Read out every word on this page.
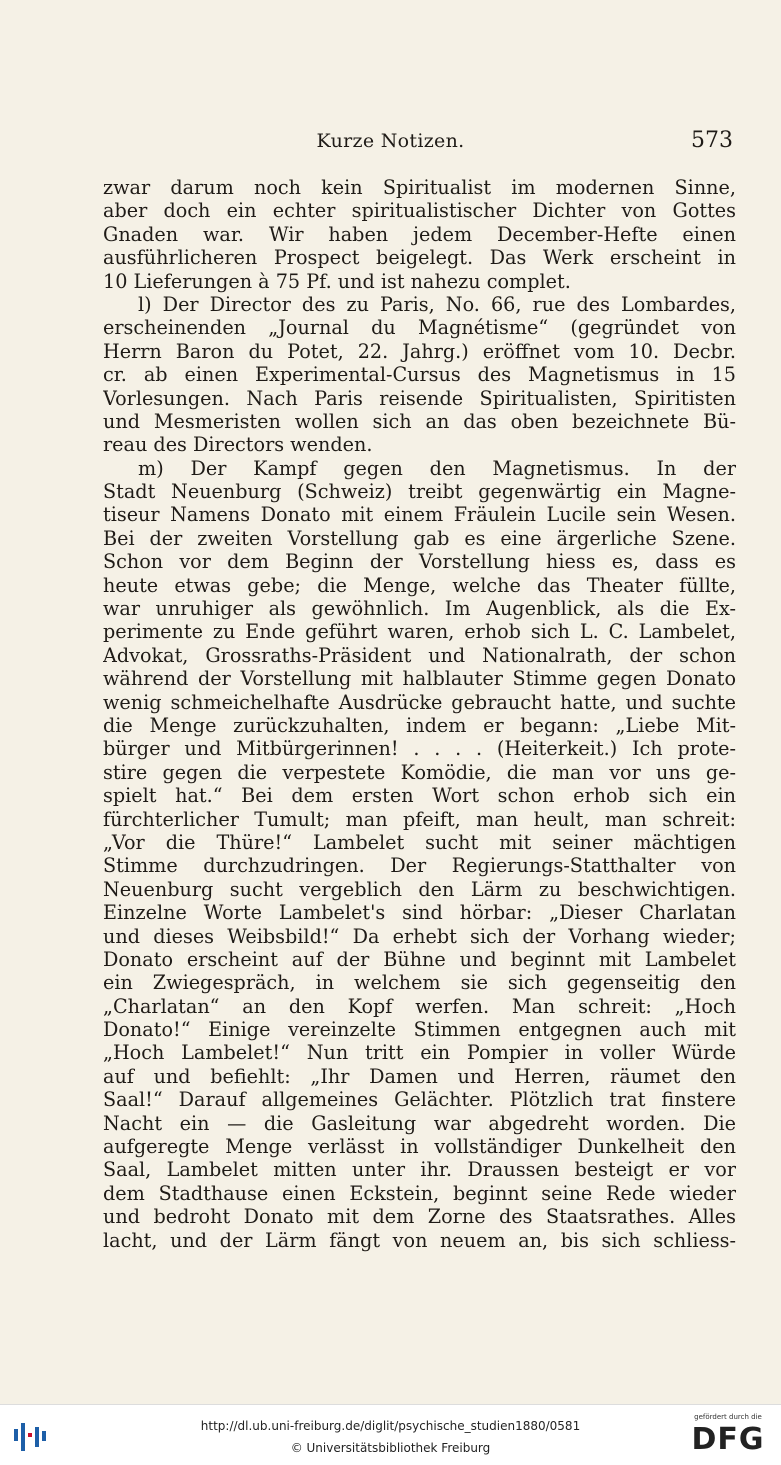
Kurze Notizen.	573
zwar darum noch kein Spiritualist im modernen Sinne,
aber doch ein echter spiritualistischer Dichter von Gottes
Gnaden war. Wir haben jedem December-Hefte einen
ausführlicheren Prospect beigelegt. Das Werk erscheint in
10 Lieferungen à 75 Pf. und ist nahezu complet.
l) Der Director des zu Paris, No. 66, rue des Lombardes,
erscheinenden „Journal du Magnétisme“ (gegründet von
Herrn Baron du Potet, 22. Jahrg.) eröffnet vom 10. Decbr.
cr. ab einen Experimental-Cursus des Magnetismus in 15
Vorlesungen. Nach Paris reisende Spiritualisten, Spiritisten
und Mesmeristen wollen sich an das oben bezeichnete Bü-
reau des Directors wenden.
m) Der Kampf gegen den Magnetismus. In der
Stadt Neuenburg (Schweiz) treibt gegenwärtig ein Magne-
tiseur Namens Donato mit einem Fräulein Lucile sein Wesen.
Bei der zweiten Vorstellung gab es eine ärgerliche Szene.
Schon vor dem Beginn der Vorstellung hiess es, dass es
heute etwas gebe; die Menge, welche das Theater füllte,
war unruhiger als gewöhnlich. Im Augenblick, als die Ex-
perimente zu Ende geführt waren, erhob sich L. C. Lambelet,
Advokat, Grossraths-Präsident und Nationalrath, der schon
während der Vorstellung mit halblauter Stimme gegen Donato
wenig schmeichelhafte Ausdrücke gebraucht hatte, und suchte
die Menge zurückzuhalten, indem er begann: „Liebe Mit-
bürger und Mitbürgerinnen! . . . . (Heiterkeit.) Ich prote-
stire gegen die verpestete Komödie, die man vor uns ge-
spielt hat.“ Bei dem ersten Wort schon erhob sich ein
fürchterlicher Tumult; man pfeift, man heult, man schreit:
„Vor die Thüre!“ Lambelet sucht mit seiner mächtigen
Stimme durchzudringen. Der Regierungs-Statthalter von
Neuenburg sucht vergeblich den Lärm zu beschwichtigen.
Einzelne Worte Lambelet's sind hörbar: „Dieser Charlatan
und dieses Weibsbild!“ Da erhebt sich der Vorhang wieder;
Donato erscheint auf der Bühne und beginnt mit Lambelet
ein Zwiegespräch, in welchem sie sich gegenseitig den
„Charlatan“ an den Kopf werfen. Man schreit: „Hoch
Donato!“ Einige vereinzelte Stimmen entgegnen auch mit
„Hoch Lambelet!“ Nun tritt ein Pompier in voller Würde
auf und befiehlt: „Ihr Damen und Herren, räumet den
Saal!“ Darauf allgemeines Gelächter. Plötzlich trat finstere
Nacht ein — die Gasleitung war abgedreht worden. Die
aufgeregte Menge verlässt in vollständiger Dunkelheit den
Saal, Lambelet mitten unter ihr. Draussen besteigt er vor
dem Stadthause einen Eckstein, beginnt seine Rede wieder
und bedroht Donato mit dem Zorne des Staatsrathes. Alles
lacht, und der Lärm fängt von neuem an, bis sich schliess-
http://dl.ub.uni-freiburg.de/diglit/psychische_studien1880/0581
© Universitätsbibliothek Freiburg
gefördert durch die
DFG
